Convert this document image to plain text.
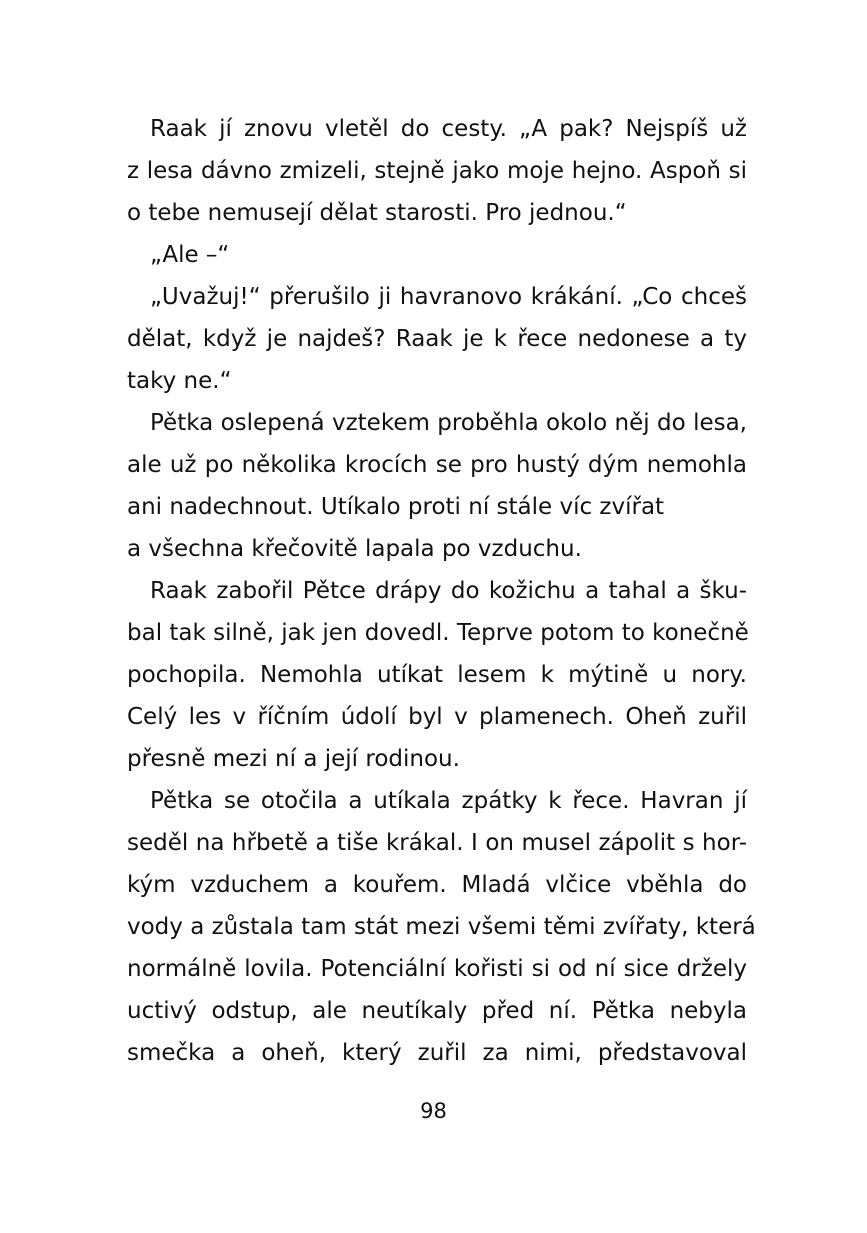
Raak jí znovu vletěl do cesty. „A pak? Nejspíš už
z lesa dávno zmizeli, stejně jako moje hejno. Aspoň si
o tebe nemusejí dělat starosti. Pro jednou.“
„Ale –“
„Uvažuj!“ přerušilo ji havranovo krákání. „Co chceš
dělat, když je najdeš? Raak je k řece nedonese a ty
taky ne.“
Pětka oslepená vztekem proběhla okolo něj do lesa,
ale už po několika krocích se pro hustý dým nemohla
ani nadechnout. Utíkalo proti ní stále víc zvířat
a všechna křečovitě lapala po vzduchu.
Raak zabořil Pětce drápy do kožichu a tahal a šku-
bal tak silně, jak jen dovedl. Teprve potom to konečně
pochopila. Nemohla utíkat lesem k mýtině u nory.
Celý les v říčním údolí byl v plamenech. Oheň zuřil
přesně mezi ní a její rodinou.
Pětka se otočila a utíkala zpátky k řece. Havran jí
seděl na hřbetě a tiše krákal. I on musel zápolit s hor-
kým vzduchem a kouřem. Mladá vlčice vběhla do
vody a zůstala tam stát mezi všemi těmi zvířaty, která
normálně lovila. Potenciální kořisti si od ní sice držely
uctivý odstup, ale neutíkaly před ní. Pětka nebyla
smečka a oheň, který zuřil za nimi, představoval
98
